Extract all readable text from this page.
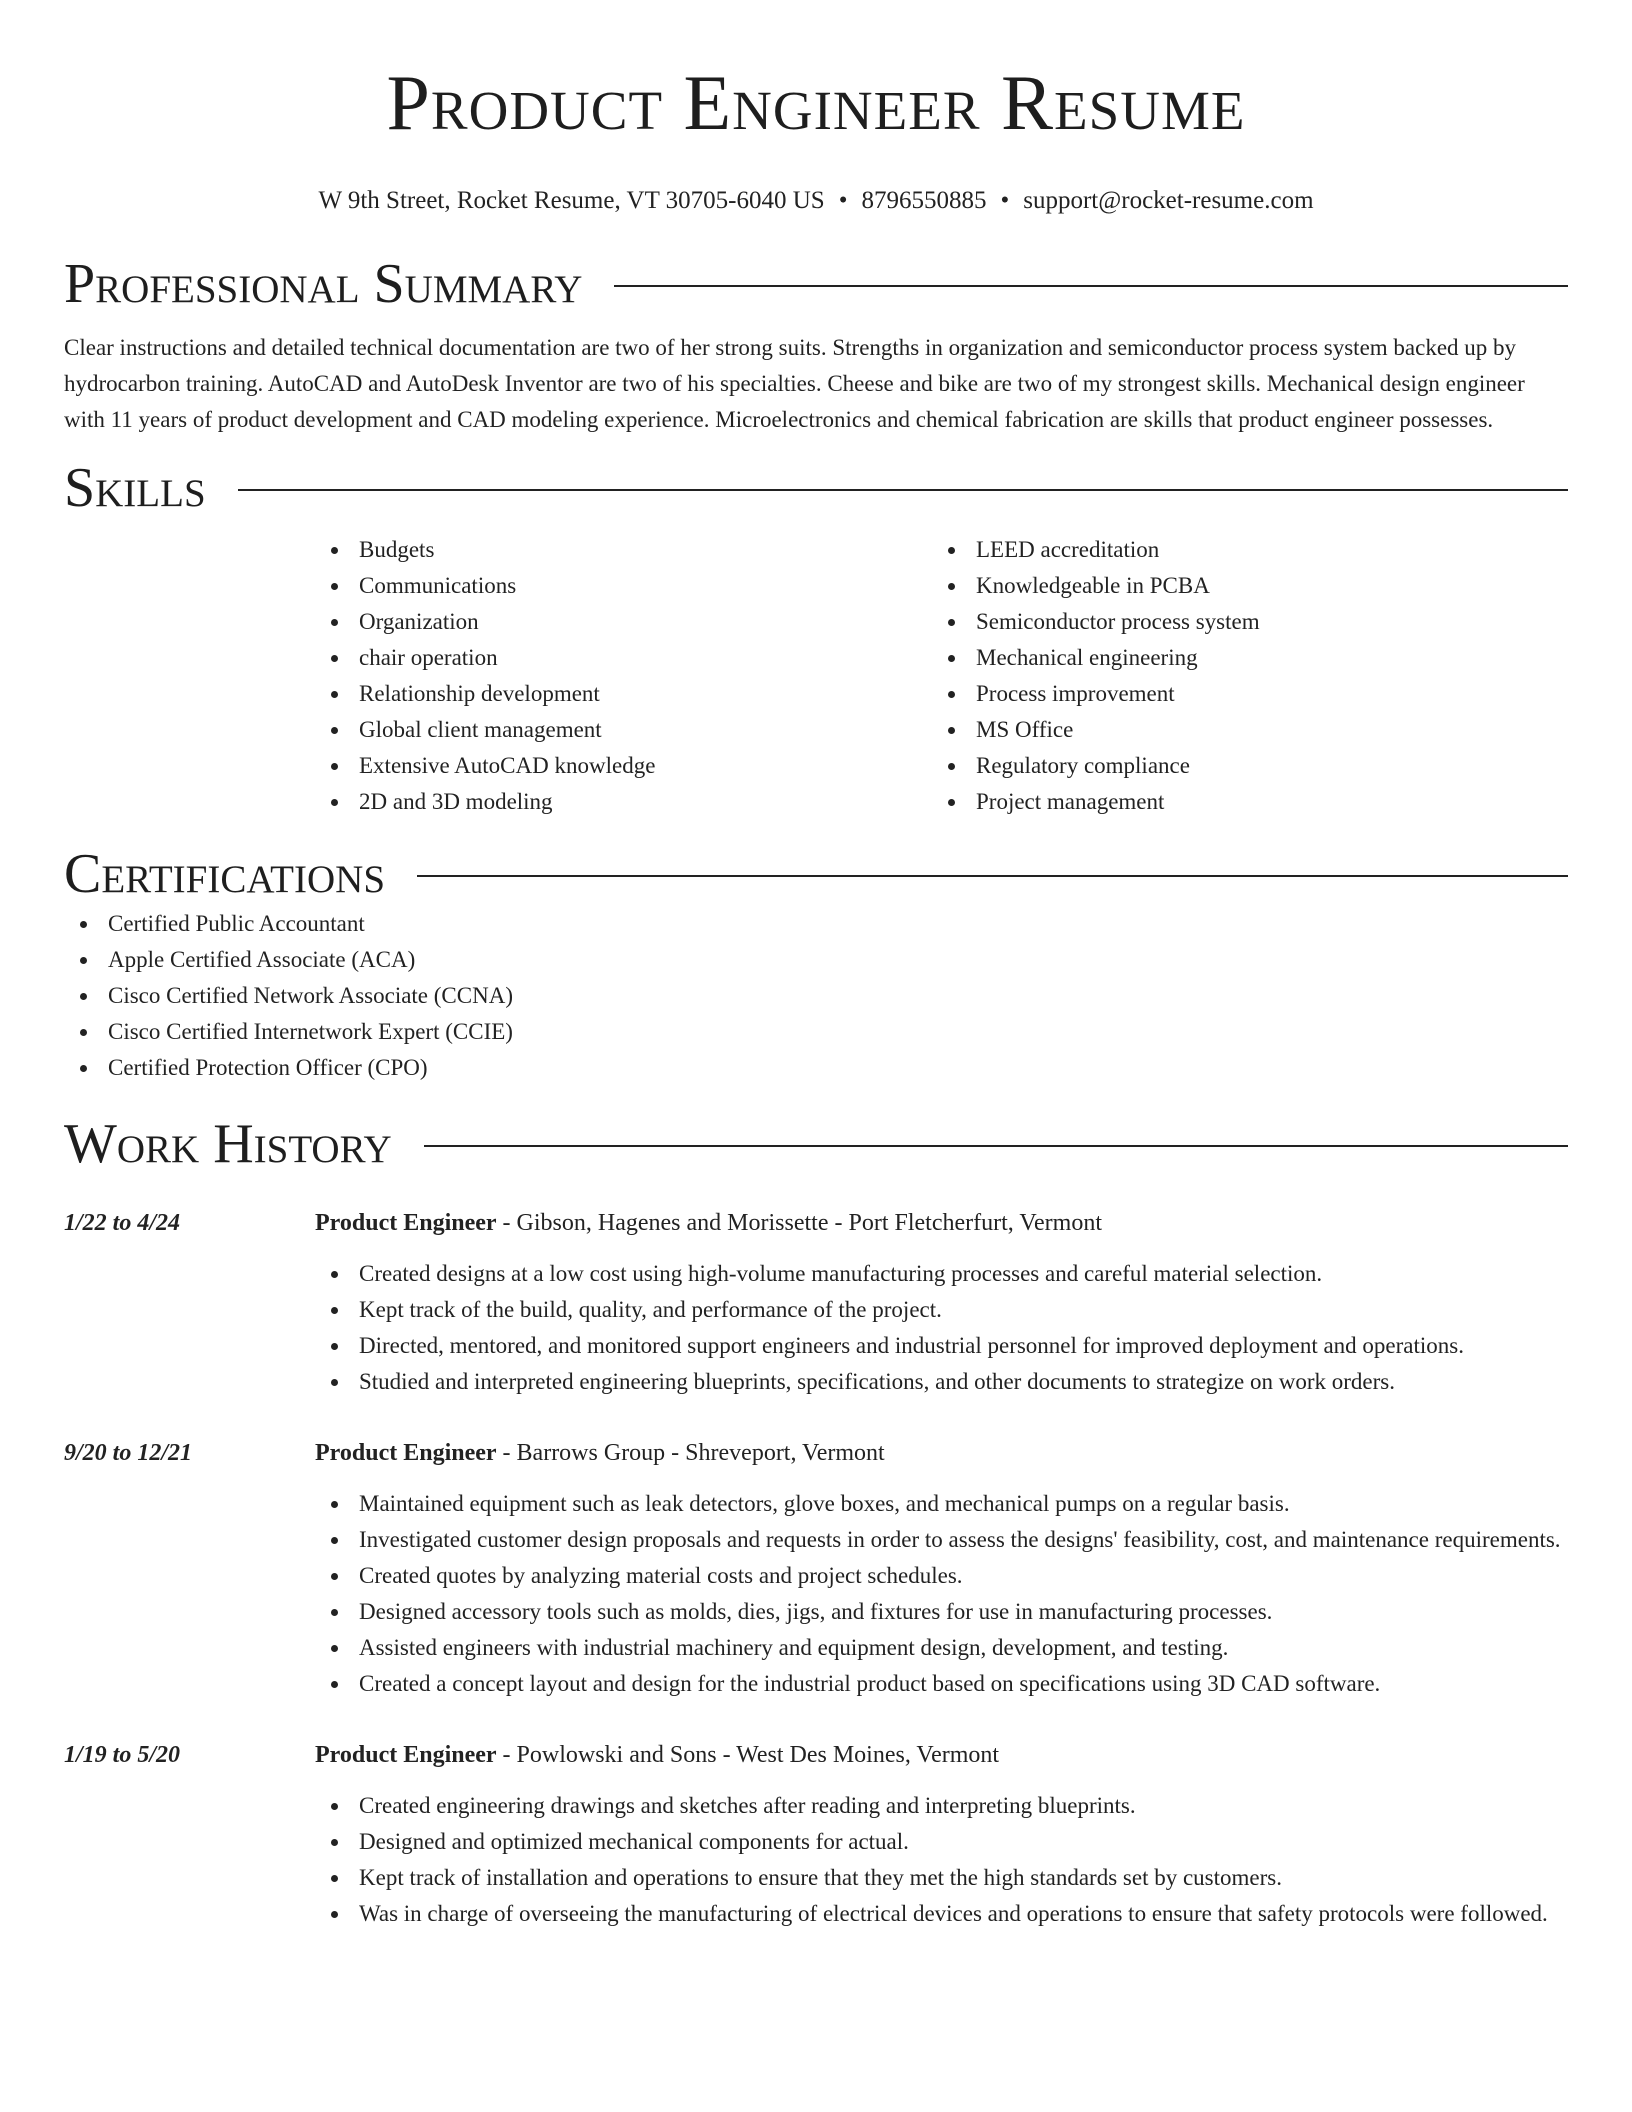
Product Engineer Resume
W 9th Street, Rocket Resume, VT 30705-6040 US • 8796550885 • support@rocket-resume.com
Professional Summary

Clear instructions and detailed technical documentation are two of her strong suits. Strengths in organization and semiconductor process system backed up by hydrocarbon training. AutoCAD and AutoDesk Inventor are two of his specialties. Cheese and bike are two of my strongest skills. Mechanical design engineer with 11 years of product development and CAD modeling experience. Microelectronics and chemical fabrication are skills that product engineer possesses.

Skills
Budgets
Communications
Organization
chair operation
Relationship development
Global client management
Extensive AutoCAD knowledge
2D and 3D modeling
LEED accreditation
Knowledgeable in PCBA
Semiconductor process system
Mechanical engineering
Process improvement
MS Office
Regulatory compliance
Project management
Certifications
Certified Public Accountant
Apple Certified Associate (ACA)
Cisco Certified Network Associate (CCNA)
Cisco Certified Internetwork Expert (CCIE)
Certified Protection Officer (CPO)
Work History
1/22 to 4/24	Product Engineer - Gibson, Hagenes and Morissette - Port Fletcherfurt, Vermont
Created designs at a low cost using high-volume manufacturing processes and careful material selection.
Kept track of the build, quality, and performance of the project.
Directed, mentored, and monitored support engineers and industrial personnel for improved deployment and operations.
Studied and interpreted engineering blueprints, specifications, and other documents to strategize on work orders.
9/20 to 12/21	Product Engineer - Barrows Group - Shreveport, Vermont
Maintained equipment such as leak detectors, glove boxes, and mechanical pumps on a regular basis.
Investigated customer design proposals and requests in order to assess the designs' feasibility, cost, and maintenance requirements.
Created quotes by analyzing material costs and project schedules.
Designed accessory tools such as molds, dies, jigs, and fixtures for use in manufacturing processes.
Assisted engineers with industrial machinery and equipment design, development, and testing.
Created a concept layout and design for the industrial product based on specifications using 3D CAD software.
1/19 to 5/20	Product Engineer - Powlowski and Sons - West Des Moines, Vermont
Created engineering drawings and sketches after reading and interpreting blueprints.
Designed and optimized mechanical components for actual.
Kept track of installation and operations to ensure that they met the high standards set by customers.
Was in charge of overseeing the manufacturing of electrical devices and operations to ensure that safety protocols were followed.
